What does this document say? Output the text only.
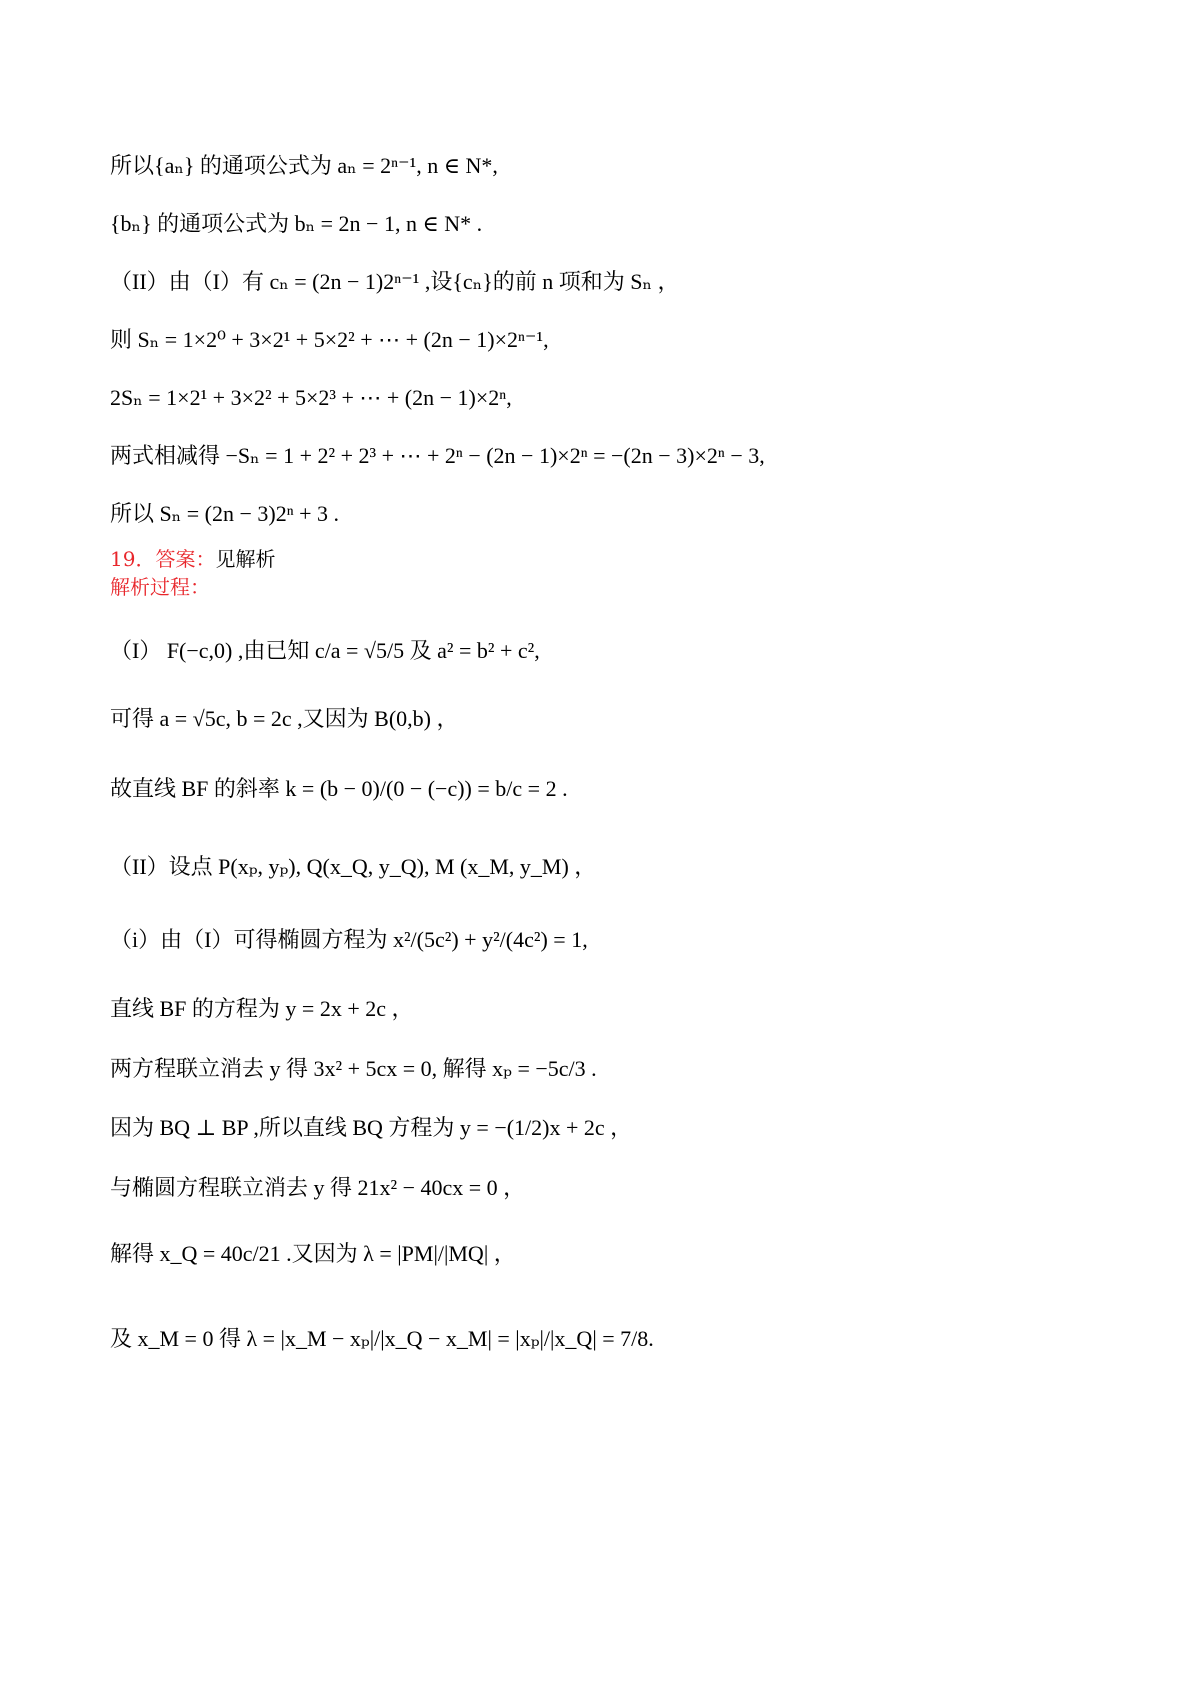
所以{aₙ} 的通项公式为 aₙ = 2ⁿ⁻¹, n ∈ N*,
{bₙ} 的通项公式为 bₙ = 2n − 1, n ∈ N* .
（II）由（I）有 cₙ = (2n − 1)2ⁿ⁻¹ ,设{cₙ}的前 n 项和为 Sₙ ，
则 Sₙ = 1×2⁰ + 3×2¹ + 5×2² + ⋯ + (2n − 1)×2ⁿ⁻¹,
2Sₙ = 1×2¹ + 3×2² + 5×2³ + ⋯ + (2n − 1)×2ⁿ,
两式相减得 −Sₙ = 1 + 2² + 2³ + ⋯ + 2ⁿ − (2n − 1)×2ⁿ = −(2n − 3)×2ⁿ − 3,
所以 Sₙ = (2n − 3)2ⁿ + 3 .
19．答案：见解析
解析过程：
（I） F(−c,0) ,由已知 c/a = √5/5 及 a² = b² + c²,
可得 a = √5c, b = 2c ,又因为 B(0,b) ，
故直线 BF 的斜率 k = (b − 0)/(0 − (−c)) = b/c = 2 .
（II）设点 P(xₚ, yₚ), Q(x_Q, y_Q), M (x_M, y_M) ，
（i）由（I）可得椭圆方程为 x²/(5c²) + y²/(4c²) = 1,
直线 BF 的方程为 y = 2x + 2c ，
两方程联立消去 y 得 3x² + 5cx = 0, 解得 xₚ = −5c/3 .
因为 BQ ⊥ BP ,所以直线 BQ 方程为 y = −(1/2)x + 2c ，
与椭圆方程联立消去 y 得 21x² − 40cx = 0 ，
解得 x_Q = 40c/21 .又因为 λ = |PM|/|MQ| ，
及 x_M = 0 得 λ = |x_M − xₚ|/|x_Q − x_M| = |xₚ|/|x_Q| = 7/8.
